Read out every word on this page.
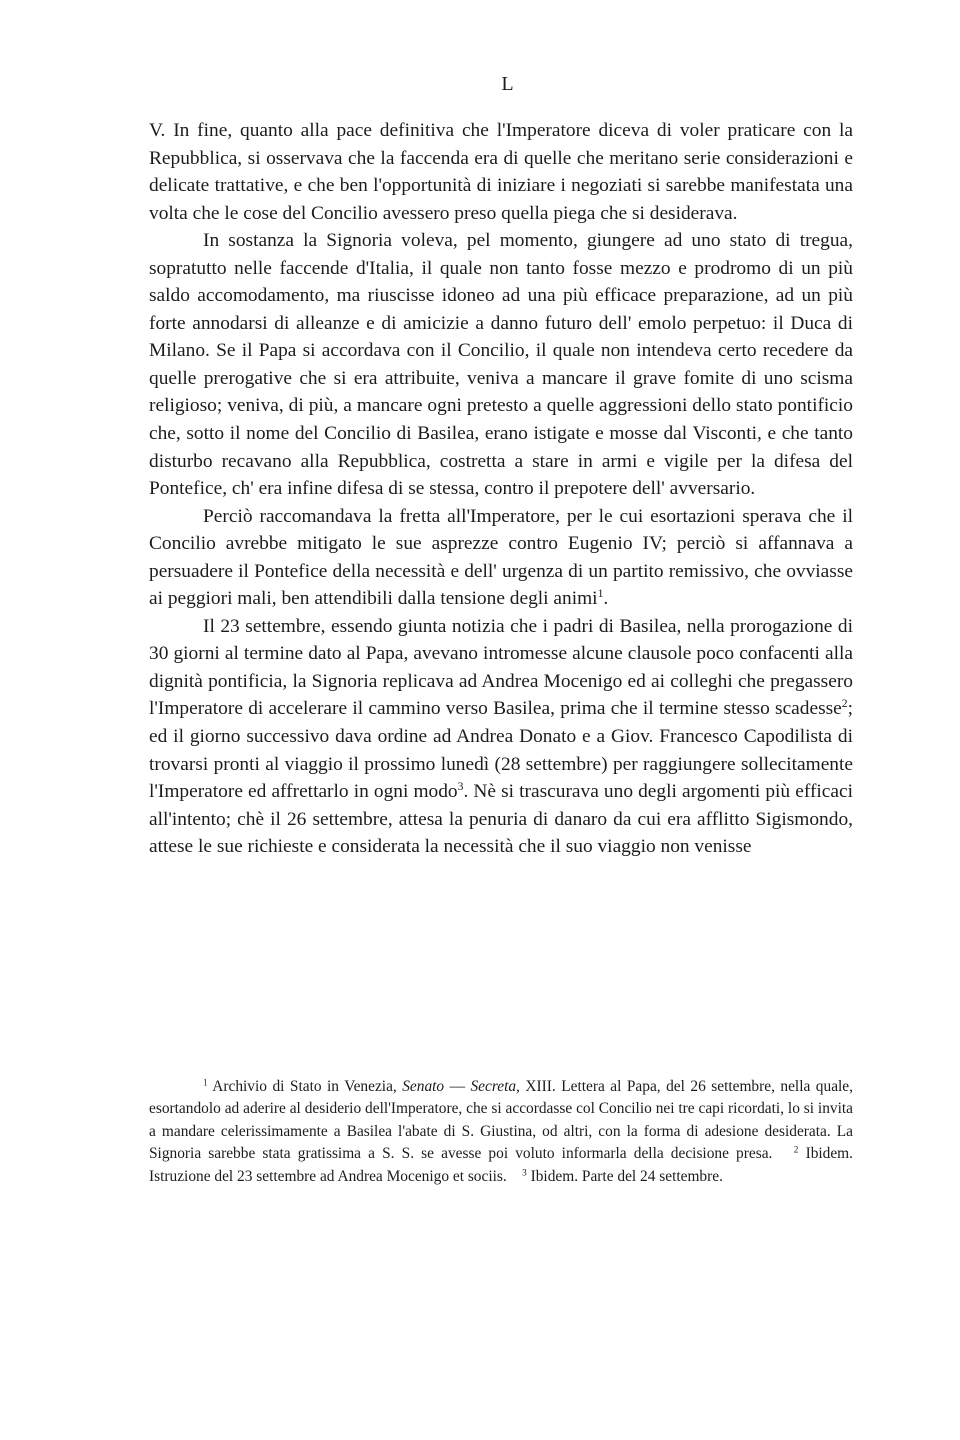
L

V. In fine, quanto alla pace definitiva che l'Imperatore diceva di voler praticare con la Repubblica, si osservava che la faccenda era di quelle che meritano serie considerazioni e delicate trattative, e che ben l'opportunità di iniziare i negoziati si sarebbe manifestata una volta che le cose del Concilio avessero preso quella piega che si desiderava.

In sostanza la Signoria voleva, pel momento, giungere ad uno stato di tregua, sopratutto nelle faccende d'Italia, il quale non tanto fosse mezzo e prodromo di un più saldo accomodamento, ma riuscisse idoneo ad una più efficace preparazione, ad un più forte annodarsi di alleanze e di amicizie a danno futuro dell' emolo perpetuo: il Duca di Milano. Se il Papa si accordava con il Concilio, il quale non intendeva certo recedere da quelle prerogative che si era attribuite, veniva a mancare il grave fomite di uno scisma religioso; veniva, di più, a mancare ogni pretesto a quelle aggressioni dello stato pontificio che, sotto il nome del Concilio di Basilea, erano istigate e mosse dal Visconti, e che tanto disturbo recavano alla Repubblica, costretta a stare in armi e vigile per la difesa del Pontefice, ch' era infine difesa di se stessa, contro il prepotere dell' avversario.

Perciò raccomandava la fretta all'Imperatore, per le cui esortazioni sperava che il Concilio avrebbe mitigato le sue asprezze contro Eugenio IV; perciò si affannava a persuadere il Pontefice della necessità e dell' urgenza di un partito remissivo, che ovviasse ai peggiori mali, ben attendibili dalla tensione degli animi$^1$.

Il 23 settembre, essendo giunta notizia che i padri di Basilea, nella prorogazione di 30 giorni al termine dato al Papa, avevano intromesse alcune clausole poco confacenti alla dignità pontificia, la Signoria replicava ad Andrea Mocenigo ed ai colleghi che pregassero l'Imperatore di accelerare il cammino verso Basilea, prima che il termine stesso scadesse$^2$; ed il giorno successivo dava ordine ad Andrea Donato e a Giov. Francesco Capodilista di trovarsi pronti al viaggio il prossimo lunedì (28 settembre) per raggiungere sollecitamente l'Imperatore ed affrettarlo in ogni modo$^3$. Nè si trascurava uno degli argomenti più efficaci all'intento; chè il 26 settembre, attesa la penuria di danaro da cui era afflitto Sigismondo, attese le sue richieste e considerata la necessità che il suo viaggio non venisse

$^1$ Archivio di Stato in Venezia, Senato — Secreta, XIII. Lettera al Papa, del 26 settembre, nella quale, esortandolo ad aderire al desiderio dell'Imperatore, che si accordasse col Concilio nei tre capi ricordati, lo si invita a mandare celerissimamente a Basilea l'abate di S. Giustina, od altri, con la forma di adesione desiderata. La Signoria sarebbe stata gratissima a S. S. se avesse poi voluto informarla della decisione presa. $^2$ Ibidem. Istruzione del 23 settembre ad Andrea Mocenigo et sociis. $^3$ Ibidem. Parte del 24 settembre.
